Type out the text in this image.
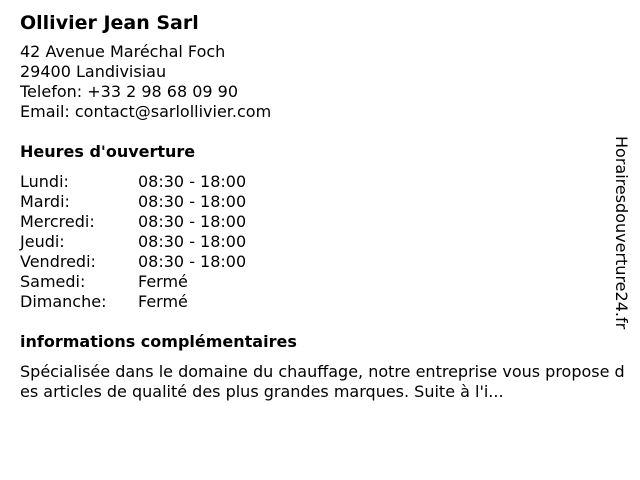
Ollivier Jean Sarl
42 Avenue Maréchal Foch
29400 Landivisiau
Telefon: +33 2 98 68 09 90
Email: contact@sarlollivier.com
Heures d'ouverture
Lundi:	08:30 - 18:00
Mardi:	08:30 - 18:00
Mercredi:	08:30 - 18:00
Jeudi:	08:30 - 18:00
Vendredi:	08:30 - 18:00
Samedi:	Fermé
Dimanche:	Fermé
informations complémentaires
Spécialisée dans le domaine du chauffage, notre entreprise vous propose des articles de qualité des plus grandes marques. Suite à l'i...
Horairesdouverture24.fr
